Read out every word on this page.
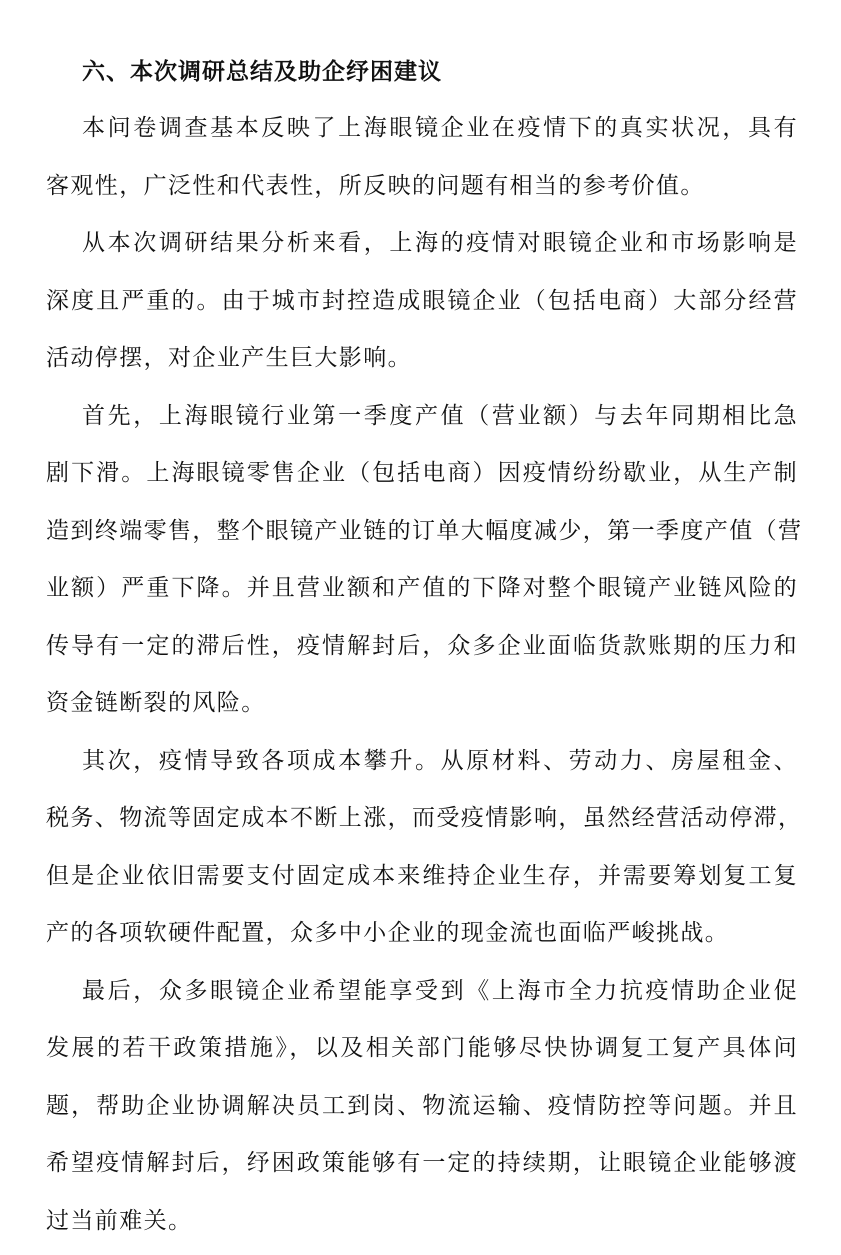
六、本次调研总结及助企纾困建议
本问卷调查基本反映了上海眼镜企业在疫情下的真实状况，具有
客观性，广泛性和代表性，所反映的问题有相当的参考价值。
从本次调研结果分析来看，上海的疫情对眼镜企业和市场影响是
深度且严重的。由于城市封控造成眼镜企业（包括电商）大部分经营
活动停摆，对企业产生巨大影响。
首先，上海眼镜行业第一季度产值（营业额）与去年同期相比急
剧下滑。上海眼镜零售企业（包括电商）因疫情纷纷歇业，从生产制
造到终端零售，整个眼镜产业链的订单大幅度减少，第一季度产值（营
业额）严重下降。并且营业额和产值的下降对整个眼镜产业链风险的
传导有一定的滞后性，疫情解封后，众多企业面临货款账期的压力和
资金链断裂的风险。
其次，疫情导致各项成本攀升。从原材料、劳动力、房屋租金、
税务、物流等固定成本不断上涨，而受疫情影响，虽然经营活动停滞，
但是企业依旧需要支付固定成本来维持企业生存，并需要筹划复工复
产的各项软硬件配置，众多中小企业的现金流也面临严峻挑战。
最后，众多眼镜企业希望能享受到《上海市全力抗疫情助企业促
发展的若干政策措施》，以及相关部门能够尽快协调复工复产具体问
题，帮助企业协调解决员工到岗、物流运输、疫情防控等问题。并且
希望疫情解封后，纾困政策能够有一定的持续期，让眼镜企业能够渡
过当前难关。
